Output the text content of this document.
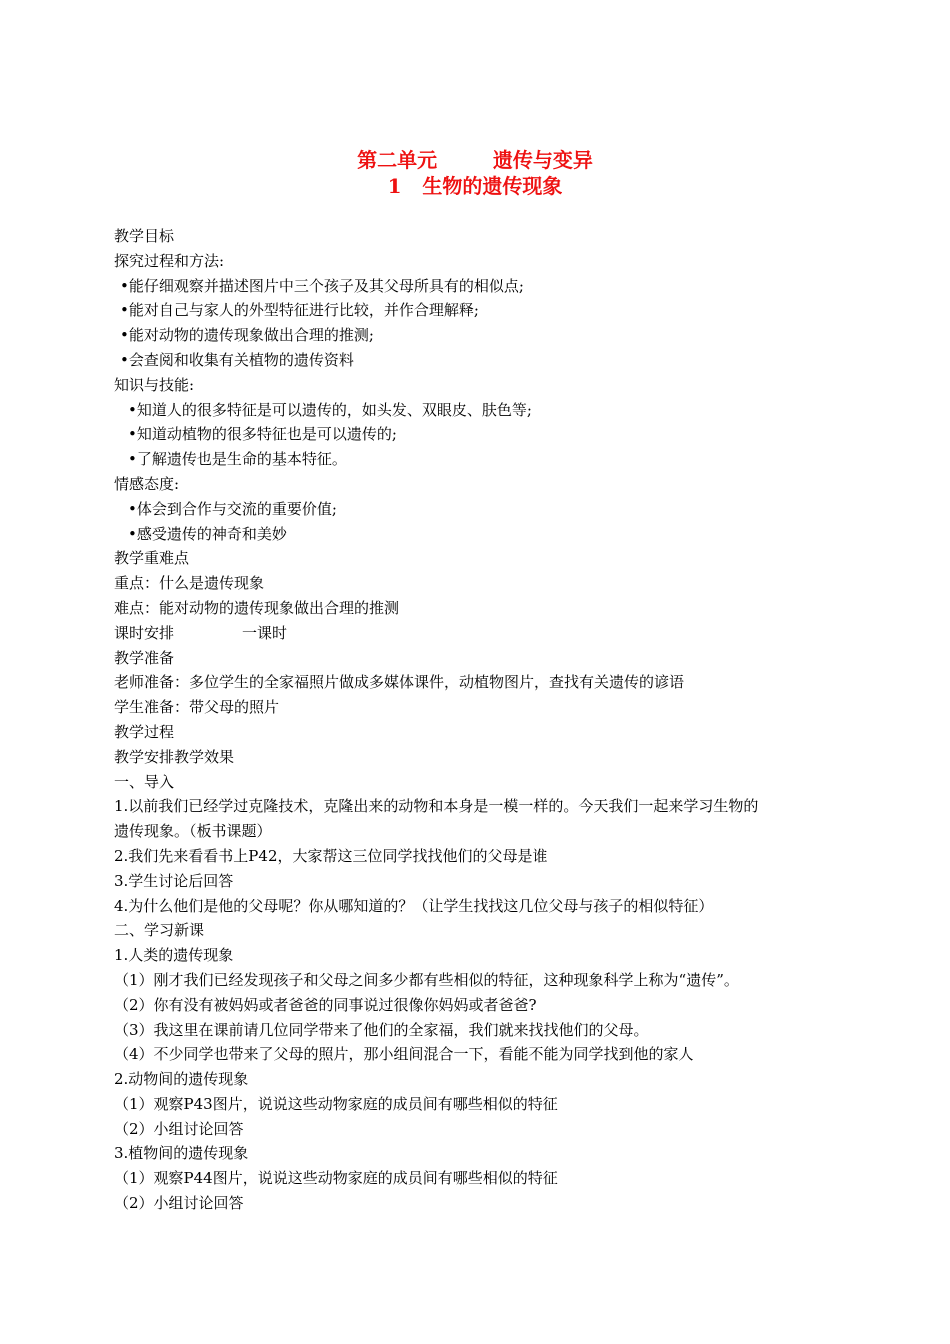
第二单元	遗传与变异
1 生物的遗传现象
教学目标
探究过程和方法:
•能仔细观察并描述图片中三个孩子及其父母所具有的相似点;
•能对自己与家人的外型特征进行比较，并作合理解释;
•能对动物的遗传现象做出合理的推测;
•会查阅和收集有关植物的遗传资料
知识与技能:
•知道人的很多特征是可以遗传的，如头发、双眼皮、肤色等;
•知道动植物的很多特征也是可以遗传的;
•了解遗传也是生命的基本特征。
情感态度:
•体会到合作与交流的重要价值;
•感受遗传的神奇和美妙
教学重难点
重点：什么是遗传现象
难点：能对动物的遗传现象做出合理的推测
课时安排	一课时
教学准备
老师准备：多位学生的全家福照片做成多媒体课件，动植物图片，查找有关遗传的谚语
学生准备：带父母的照片
教学过程
教学安排教学效果
一、导入
1.以前我们已经学过克隆技术，克隆出来的动物和本身是一模一样的。今天我们一起来学习生物的
遗传现象。（板书课题）
2.我们先来看看书上P42，大家帮这三位同学找找他们的父母是谁
3.学生讨论后回答
4.为什么他们是他的父母呢？你从哪知道的？（让学生找找这几位父母与孩子的相似特征）
二、学习新课
1.人类的遗传现象
（1）刚才我们已经发现孩子和父母之间多少都有些相似的特征，这种现象科学上称为“遗传”。
（2）你有没有被妈妈或者爸爸的同事说过很像你妈妈或者爸爸?
（3）我这里在课前请几位同学带来了他们的全家福，我们就来找找他们的父母。
（4）不少同学也带来了父母的照片，那小组间混合一下，看能不能为同学找到他的家人
2.动物间的遗传现象
（1）观察P43图片，说说这些动物家庭的成员间有哪些相似的特征
（2）小组讨论回答
3.植物间的遗传现象
（1）观察P44图片，说说这些动物家庭的成员间有哪些相似的特征
（2）小组讨论回答
